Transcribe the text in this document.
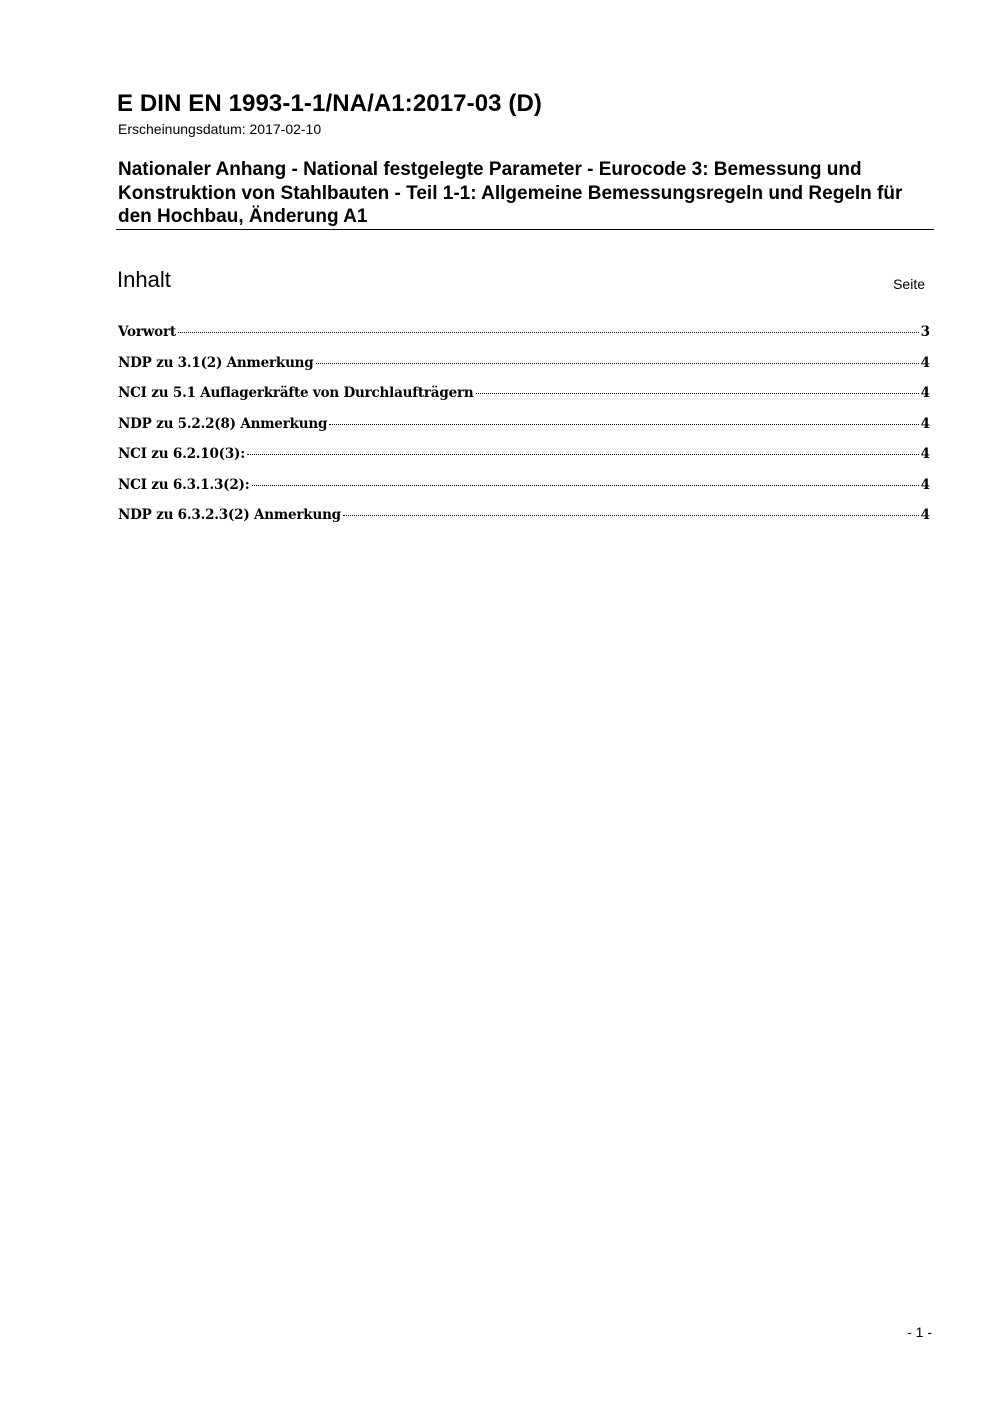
E DIN EN 1993-1-1/NA/A1:2017-03 (D)
Erscheinungsdatum: 2017-02-10
Nationaler Anhang - National festgelegte Parameter - Eurocode 3: Bemessung und Konstruktion von Stahlbauten - Teil 1-1: Allgemeine Bemessungsregeln und Regeln für den Hochbau, Änderung A1
Inhalt	Seite
Vorwort	3
NDP zu 3.1(2) Anmerkung	4
NCI zu 5.1 Auflagerkräfte von Durchlaufträgern	4
NDP zu 5.2.2(8) Anmerkung	4
NCI zu 6.2.10(3):	4
NCI zu 6.3.1.3(2):	4
NDP zu 6.3.2.3(2) Anmerkung	4
- 1 -
